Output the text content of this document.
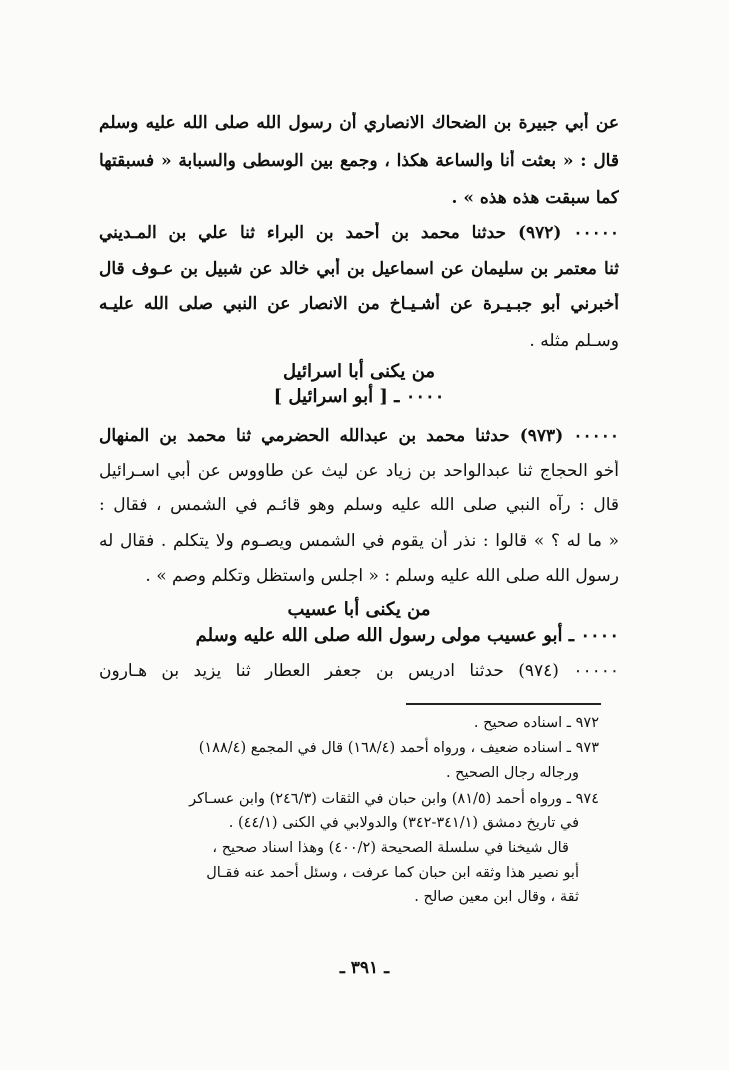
عن أبي جبيرة بن الضحاك الانصاري أن رسول الله صلى الله عليه وسلم
قال : « بعثت أنا والساعة هكذا ، وجمع بين الوسطى والسبابة « فسبقتها
كما سبقت هذه هذه » .
٠٠٠٠٠ (٩٧٢) حدثنا محمد بن أحمد بن البراء ثنا علي بن المـديني
ثنا معتمر بن سليمان عن اسماعيل بن أبي خالد عن شبيل بن عـوف قال
أخبرني أبو جبـيـرة عن أشـيـاخ من الانصار عن النبي صلى الله عليـه
وسـلم مثله .
من يكنى أبا اسرائيل
٠٠٠٠ ـ [ أبو اسرائيل ]
٠٠٠٠٠ (٩٧٣) حدثنا محمد بن عبدالله الحضرمي ثنا محمد بن المنهال
أخو الحجاج ثنا عبدالواحد بن زياد عن ليث عن طاووس عن أبي اسـرائيل
قال : رآه النبي صلى الله عليه وسلم وهو قائـم في الشمس ، فقال :
« ما له ؟ » قالوا : نذر أن يقوم في الشمس ويصـوم ولا يتكلم . فقال له
رسول الله صلى الله عليه وسلم : « اجلس واستظل وتكلم وصم » .
من يكنى أبا عسيب
٠٠٠٠ ـ أبو عسيب مولى رسول الله صلى الله عليه وسلم
٠٠٠٠٠ (٩٧٤) حدثنا ادريس بن جعفر العطار ثنا يزيد بن هـارون
٩٧٢ ـ اسناده صحيح .
٩٧٣ ـ اسناده ضعيف ، ورواه أحمد (١٦٨/٤) قال في المجمع (١٨٨/٤)
ورجاله رجال الصحيح .
٩٧٤ ـ ورواه أحمد (٨١/٥) وابن حبان في الثقات (٢٤٦/٣) وابن عسـاكر
في تاريخ دمشق (٣٤١/١-٣٤٢) والدولابي في الكنى (٤٤/١) .
قال شيخنا في سلسلة الصحيحة (٤٠٠/٢) وهذا اسناد صحيح ،
أبو نصير هذا وثقه ابن حبان كما عرفت ، وسئل أحمد عنه فقـال
ثقة ، وقال ابن معين صالح .
ـ ٣٩١ ـ
